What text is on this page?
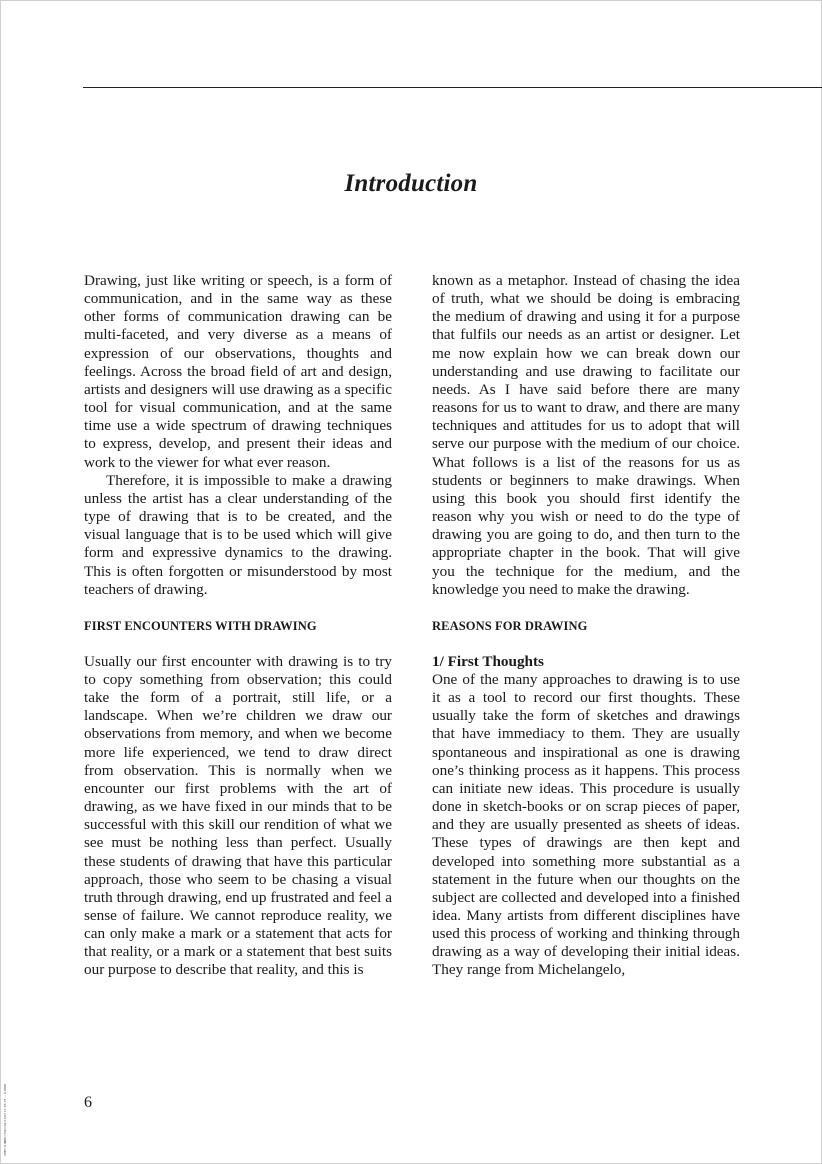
Introduction

Drawing, just like writing or speech, is a form of communication, and in the same way as these other forms of communication drawing can be multi-faceted, and very diverse as a means of expression of our observations, thoughts and feelings. Across the broad field of art and design, artists and designers will use drawing as a specific tool for visual communication, and at the same time use a wide spectrum of drawing techniques to express, develop, and present their ideas and work to the viewer for what ever reason.

Therefore, it is impossible to make a drawing unless the artist has a clear understanding of the type of drawing that is to be created, and the visual language that is to be used which will give form and expressive dynamics to the drawing. This is often forgotten or misunderstood by most teachers of drawing.

FIRST ENCOUNTERS WITH DRAWING

Usually our first encounter with drawing is to try to copy something from observation; this could take the form of a portrait, still life, or a landscape. When we’re children we draw our observations from memory, and when we become more life experienced, we tend to draw direct from observation. This is normally when we encounter our first problems with the art of drawing, as we have fixed in our minds that to be successful with this skill our rendition of what we see must be nothing less than perfect. Usually these students of drawing that have this particular approach, those who seem to be chasing a visual truth through drawing, end up frustrated and feel a sense of failure. We cannot reproduce reality, we can only make a mark or a statement that acts for that reality, or a mark or a statement that best suits our purpose to describe that reality, and this is

known as a metaphor. Instead of chasing the idea of truth, what we should be doing is embracing the medium of drawing and using it for a purpose that fulfils our needs as an artist or designer. Let me now explain how we can break down our understanding and use drawing to facilitate our needs. As I have said before there are many reasons for us to want to draw, and there are many techniques and attitudes for us to adopt that will serve our purpose with the medium of our choice. What follows is a list of the reasons for us as students or beginners to make drawings. When using this book you should first identify the reason why you wish or need to do the type of drawing you are going to do, and then turn to the appropriate chapter in the book. That will give you the technique for the medium, and the knowledge you need to make the drawing.

REASONS FOR DRAWING
1/ First Thoughts

One of the many approaches to drawing is to use it as a tool to record our first thoughts. These usually take the form of sketches and drawings that have immediacy to them. They are usually spontaneous and inspirational as one is drawing one’s thinking process as it happens. This process can initiate new ideas. This procedure is usually done in sketch-books or on scrap pieces of paper, and they are usually presented as sheets of ideas. These types of drawings are then kept and developed into something more substantial as a statement in the future when our thoughts on the subject are collected and developed into a finished idea. Many artists from different disciplines have used this process of working and thinking through drawing as a way of developing their initial ideas. They range from Michelangelo,

6
CHPT 0.INDD ITWO 02/11/07 11:03:37 ~ 0.0000
